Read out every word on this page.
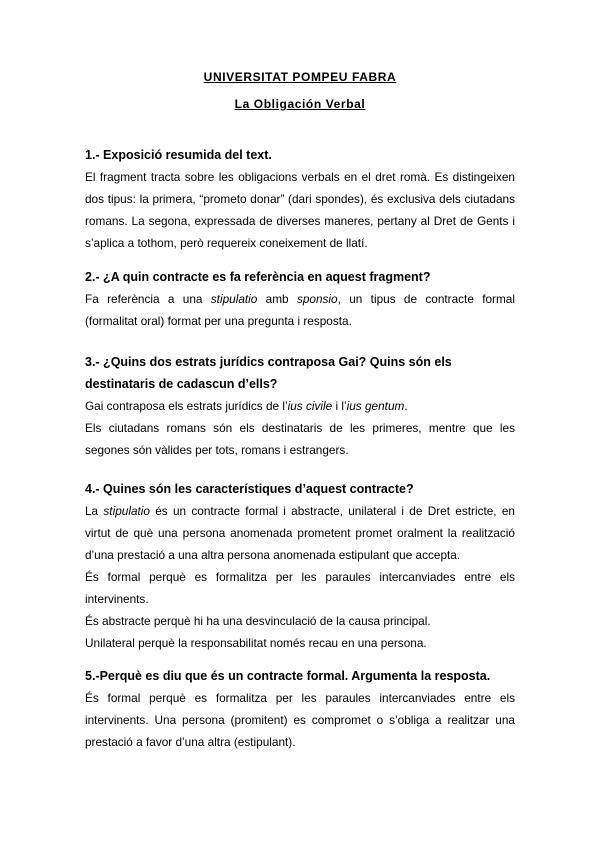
UNIVERSITAT POMPEU FABRA
La Obligación Verbal

1.- Exposició resumida del text.

El fragment tracta sobre les obligacions verbals en el dret romà. Es distingeixen dos tipus: la primera, “prometo donar” (dari spondes), és exclusiva dels ciutadans romans. La segona, expressada de diverses maneres, pertany al Dret de Gents i s’aplica a tothom, però requereix coneixement de llatí.

2.- ¿A quin contracte es fa referència en aquest fragment?

Fa referència a una stipulatio amb sponsio, un tipus de contracte formal (formalitat oral) format per una pregunta i resposta.

3.- ¿Quins dos estrats jurídics contraposa Gai? Quins són els destinataris de cadascun d’ells?

Gai contraposa els estrats jurídics de l’ius civile i l’ius gentum.

Els ciutadans romans són els destinataris de les primeres, mentre que les segones són vàlides per tots, romans i estrangers.

4.- Quines són les característiques d’aquest contracte?

La stipulatio és un contracte formal i abstracte, unilateral i de Dret estricte, en virtut de què una persona anomenada prometent promet oralment la realització d’una prestació a una altra persona anomenada estipulant que accepta.

És formal perquè es formalitza per les paraules intercanviades entre els intervinents.

És abstracte perquè hi ha una desvinculació de la causa principal.

Unilateral perquè la responsabilitat només recau en una persona.

5.-Perquè es diu que és un contracte formal. Argumenta la resposta.

És formal perquè es formalitza per les paraules intercanviades entre els intervinents. Una persona (promitent) es compromet o s’obliga a realitzar una prestació a favor d’una altra (estipulant).
